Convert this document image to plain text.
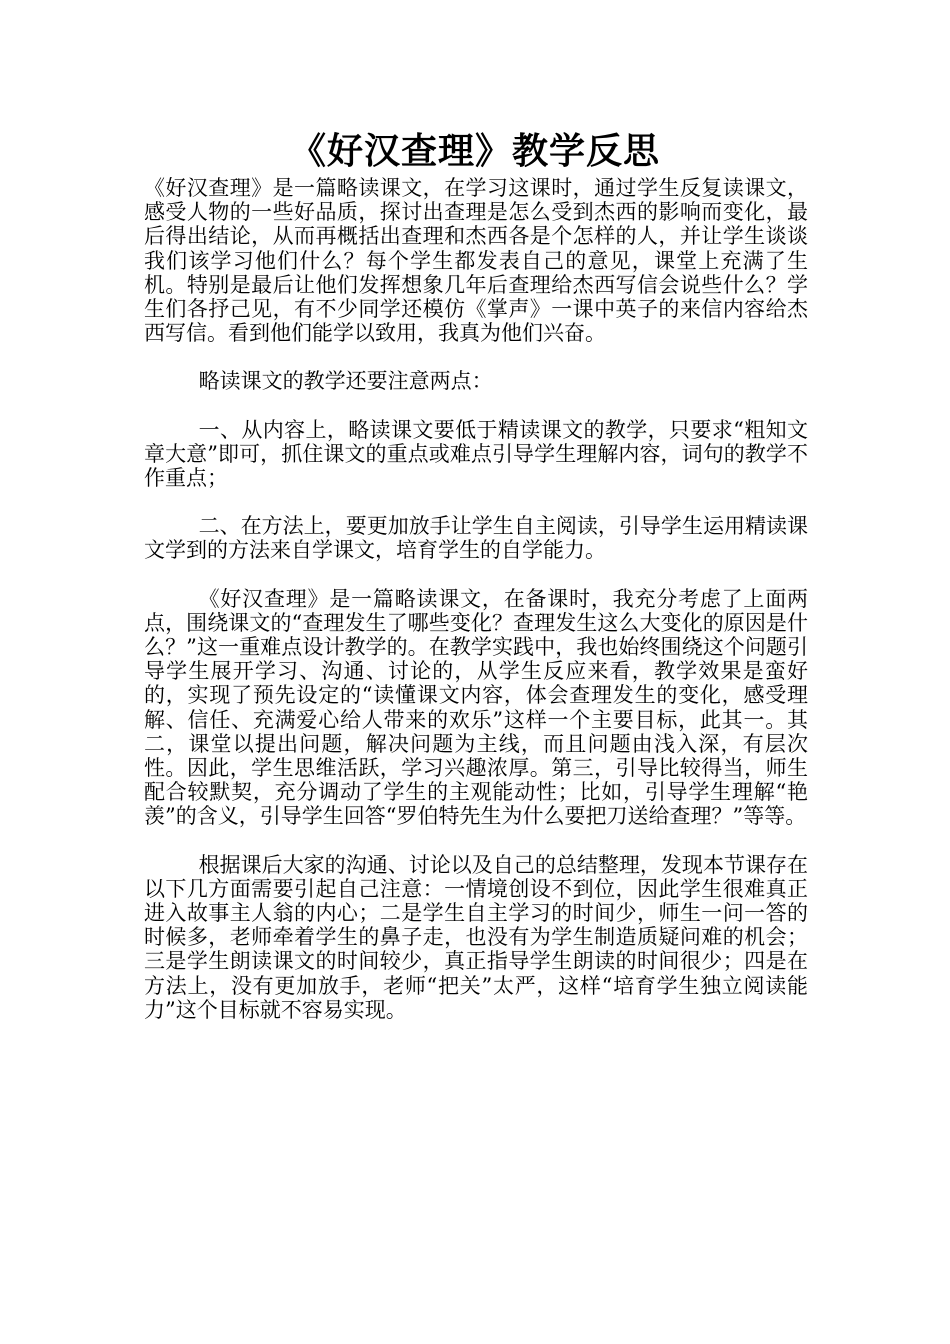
《好汉查理》教学反思

《好汉查理》是一篇略读课文，在学习这课时，通过学生反复读课文，感受人物的一些好品质，探讨出查理是怎么受到杰西的影响而变化，最后得出结论，从而再概括出查理和杰西各是个怎样的人，并让学生谈谈我们该学习他们什么？每个学生都发表自己的意见，课堂上充满了生机。特别是最后让他们发挥想象几年后查理给杰西写信会说些什么？学生们各抒己见，有不少同学还模仿《掌声》一课中英子的来信内容给杰西写信。看到他们能学以致用，我真为他们兴奋。

略读课文的教学还要注意两点：

一、从内容上，略读课文要低于精读课文的教学，只要求“粗知文章大意”即可，抓住课文的重点或难点引导学生理解内容，词句的教学不作重点；

二、在方法上，要更加放手让学生自主阅读，引导学生运用精读课文学到的方法来自学课文，培育学生的自学能力。

《好汉查理》是一篇略读课文，在备课时，我充分考虑了上面两点，围绕课文的“查理发生了哪些变化？查理发生这么大变化的原因是什么？”这一重难点设计教学的。在教学实践中，我也始终围绕这个问题引导学生展开学习、沟通、讨论的，从学生反应来看，教学效果是蛮好的，实现了预先设定的“读懂课文内容，体会查理发生的变化，感受理解、信任、充满爱心给人带来的欢乐”这样一个主要目标，此其一。其二，课堂以提出问题，解决问题为主线，而且问题由浅入深，有层次性。因此，学生思维活跃，学习兴趣浓厚。第三，引导比较得当，师生配合较默契，充分调动了学生的主观能动性；比如，引导学生理解“艳羡”的含义，引导学生回答“罗伯特先生为什么要把刀送给查理？”等等。

根据课后大家的沟通、讨论以及自己的总结整理，发现本节课存在以下几方面需要引起自己注意：一情境创设不到位，因此学生很难真正进入故事主人翁的内心；二是学生自主学习的时间少，师生一问一答的时候多，老师牵着学生的鼻子走，也没有为学生制造质疑问难的机会；三是学生朗读课文的时间较少，真正指导学生朗读的时间很少；四是在方法上，没有更加放手，老师“把关”太严，这样“培育学生独立阅读能力”这个目标就不容易实现。
